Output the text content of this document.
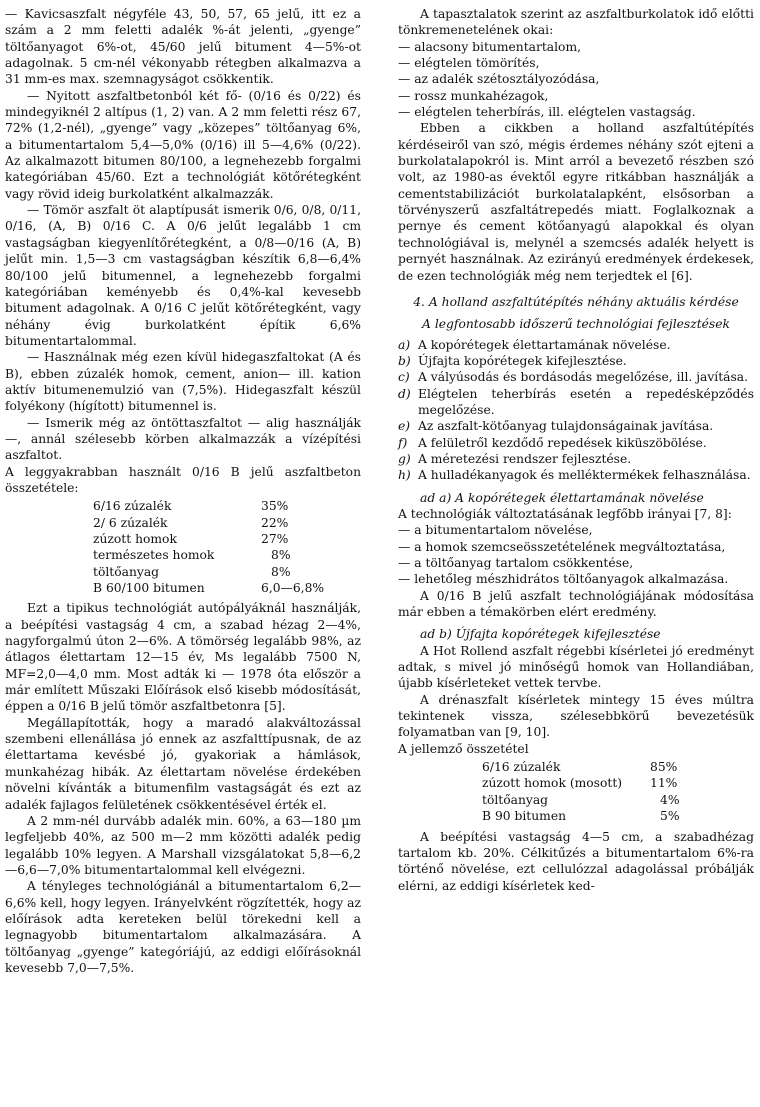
— Kavicsaszfalt négyféle 43, 50, 57, 65 jelű, itt ez a szám a 2 mm feletti adalék %-át jelenti, „gyenge” töltőanyagot 6%-ot, 45/60 jelű bitument 4—5%-ot adagolnak. 5 cm-nél vékonyabb rétegben alkalmazva a 31 mm-es max. szemnagyságot csökkentik.

— Nyitott aszfaltbetonból két fő- (0/16 és 0/22) és mindegyiknél 2 altípus (1, 2) van. A 2 mm feletti rész 67, 72% (1,2-nél), „gyenge” vagy „közepes” töltőanyag 6%, a bitumentartalom 5,4—5,0% (0/16) ill 5—4,6% (0/22). Az alkalmazott bitumen 80/100, a legnehezebb forgalmi kategóriában 45/60. Ezt a technológiát kötőrétegként vagy rövid ideig burkolatként alkalmazzák.

— Tömör aszfalt öt alaptípusát ismerik 0/6, 0/8, 0/11, 0/16, (A, B) 0/16 C. A 0/6 jelűt legalább 1 cm vastagságban kiegyenlítőrétegként, a 0/8—0/16 (A, B) jelűt min. 1,5—3 cm vastagságban készítik 6,8—6,4% 80/100 jelű bitumennel, a legnehezebb forgalmi kategóriában keményebb és 0,4%-kal kevesebb bitument adagolnak. A 0/16 C jelűt kötőrétegként, vagy néhány évig burkolatként építik 6,6% bitumentartalommal.

— Használnak még ezen kívül hidegaszfaltokat (A és B), ebben zúzalék homok, cement, anion— ill. kation aktív bitumenemulzió van (7,5%). Hidegaszfalt készül folyékony (hígított) bitumennel is.

— Ismerik még az öntöttaszfaltot — alig használják —, annál szélesebb körben alkalmazzák a vízépítési aszfaltot.

A leggyakrabban használt 0/16 B jelű aszfaltbeton összetétele:

6/16 zúzalék	35%
2/ 6 zúzalék	22%
zúzott homok	27%
természetes homok	8%
töltőanyag	8%
B 60/100 bitumen	6,0—6,8%

Ezt a tipikus technológiát autópályáknál használják, a beépítési vastagság 4 cm, a szabad hézag 2—4%, nagyforgalmú úton 2—6%. A tömörség legalább 98%, az átlagos élettartam 12—15 év, Ms legalább 7500 N, MF=2,0—4,0 mm. Most adták ki — 1978 óta először a már említett Műszaki Előírások első kisebb módosítását, éppen a 0/16 B jelű tömör aszfaltbetonra [5].

Megállapították, hogy a maradó alakváltozással szembeni ellenállása jó ennek az aszfalttípusnak, de az élettartama kevésbé jó, gyakoriak a hámlások, munkahézag hibák. Az élettartam növelése érdekében növelni kívánták a bitumenfilm vastagságát és ezt az adalék fajlagos felületének csökkentésével érték el.

A 2 mm-nél durvább adalék min. 60%, a 63—180 µm legfeljebb 40%, az 500 m—2 mm közötti adalék pedig legalább 10% legyen. A Marshall vizsgálatokat 5,8—6,2—6,6—7,0% bitumentartalommal kell elvégezni.

A tényleges technológiánál a bitumentartalom 6,2—6,6% kell, hogy legyen. Irányelvként rögzítették, hogy az előírások adta kereteken belül törekedni kell a legnagyobb bitumentartalom alkalmazására. A töltőanyag „gyenge” kategóriájú, az eddigi előírásoknál kevesebb 7,0—7,5%.

A tapasztalatok szerint az aszfaltburkolatok idő előtti tönkremenetelének okai:

— alacsony bitumentartalom,
— elégtelen tömörítés,
— az adalék szétosztályozódása,
— rossz munkahézagok,
— elégtelen teherbírás, ill. elégtelen vastagság.

Ebben a cikkben a holland aszfaltútépítés kérdéseiről van szó, mégis érdemes néhány szót ejteni a burkolatalapokról is. Mint arról a bevezető részben szó volt, az 1980-as évektől egyre ritkábban használják a cementstabilizációt burkolatalapként, elsősorban a törvényszerű aszfaltátrepedés miatt. Foglalkoznak a pernye és cement kötőanyagú alapokkal és olyan technológiával is, melynél a szemcsés adalék helyett is pernyét használnak. Az ezirányú eredmények érdekesek, de ezen technológiák még nem terjedtek el [6].

4. A holland aszfaltútépítés néhány aktuális kérdése
A legfontosabb időszerű technológiai fejlesztések
a) A kopórétegek élettartamának növelése.
b) Újfajta kopórétegek kifejlesztése.
c) A vályúsodás és bordásodás megelőzése, ill. javítása.
d) Elégtelen teherbírás esetén a repedésképződés megelőzése.
e) Az aszfalt-kötőanyag tulajdonságainak javítása.
f) A felületről kezdődő repedések kiküszöbölése.
g) A méretezési rendszer fejlesztése.
h) A hulladékanyagok és melléktermékek felhasználása.

ad a) A kopórétegek élettartamának növelése

A technológiák változtatásának legfőbb irányai [7, 8]:

— a bitumentartalom növelése,
— a homok szemcseösszetételének megváltoztatása,
— a töltőanyag tartalom csökkentése,
— lehetőleg mészhidrátos töltőanyagok alkalmazása.

A 0/16 B jelű aszfalt technológiájának módosítása már ebben a témakörben elért eredmény.

ad b) Újfajta kopórétegek kifejlesztése

A Hot Rollend aszfalt régebbi kísérletei jó eredményt adtak, s mivel jó minőségű homok van Hollandiában, újabb kísérleteket vettek tervbe.

A drénaszfalt kísérletek mintegy 15 éves múltra tekintenek vissza, szélesebbkörű bevezetésük folyamatban van [9, 10].

A jellemző összetétel

6/16 zúzalék	85%
zúzott homok (mosott)	11%
töltőanyag	4%
B 90 bitumen	5%

A beépítési vastagság 4—5 cm, a szabadhézag tartalom kb. 20%. Célkitűzés a bitumentartalom 6%-ra történő növelése, ezt cellulózzal adagolással próbálják elérni, az eddigi kísérletek ked-
